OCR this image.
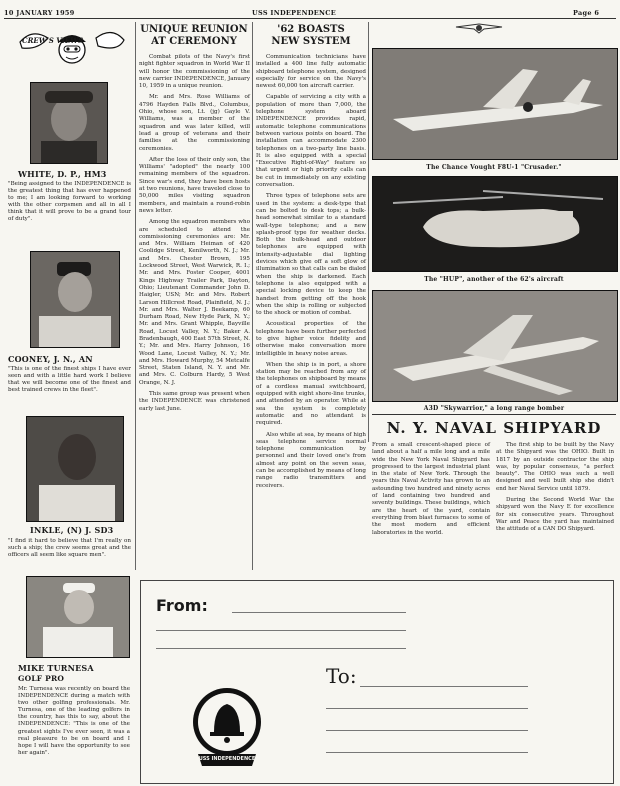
10 JANUARY 1959	USS INDEPENDENCE	Page 6
CREW'S VIEWS
WHITE, D. P., HM3
"Being assigned to the INDEPENDENCE is the greatest thing that has ever happened to me; I am looking forward to working with the other corpsmen and all in all I think that it will prove to be a grand tour of duty".
COONEY, J. N., AN
"This is one of the finest ships I have ever seen and with a little hard work I believe that we will become one of the finest and best trained crews in the fleet".
INKLE, (N) J. SD3
"I find it hard to believe that I'm really on such a ship; the crew seems great and the officers all seem like square men".
MIKE TURNESA
GOLF PRO
Mr. Turnesa was recently on board the INDEPENDENCE during a match with two other golfing professionals. Mr. Turnesa, one of the leading golfers in the country, has this to say, about the INDEPENDENCE: "This is one of the greatest sights I've ever seen, it was a real pleasure to be on board and I hope I will have the opportunity to see her again".
UNIQUE REUNION
AT CEREMONY

Combat pilots of the Navy's first night fighter squadron in World War II will honor the commissioning of the new carrier INDEPENDENCE, January 10, 1959 in a unique reunion.

Mr. and Mrs. Rose Williams of 4796 Hayden Falls Blvd., Columbus, Ohio, whose son, Lt. (jg) Gayle V. Williams, was a member of the squadron and was later killed, will lead a group of veterans and their families at the commissioning ceremonies.

After the loss of their only son, the Williams' "adopted" the nearly 100 remaining members of the squadron. Since war's end, they have been hosts at two reunions, have traveled close to 50,000 miles visiting squadron members, and maintain a round-robin news letter.

Among the squadron members who are scheduled to attend the commissioning ceremonies are: Mr. and Mrs. William Heiman of 420 Coolidge Street, Kenilworth, N. J.; Mr. and Mrs. Chester Brown, 195 Lockwood Street, West Warwick, R. I.; Mr. and Mrs. Foster Cooper, 4001 Kings Highway Trailer Park, Dayton, Ohio; Lieutenant Commander John D. Haigler, USN; Mr. and Mrs. Robert Larson Hillcrest Road, Plainfield, N. J.; Mr. and Mrs. Walter J. Beekamp, 60 Durham Road, New Hyde Park, N. Y.; Mr. and Mrs. Grant Whipple, Bayville Road, Locust Valley, N. Y.; Baker A. Bradenbaugh, 400 East 57th Street, N. Y.; Mr. and Mrs. Harry Johnson, 16 Wood Lane, Locust Valley, N. Y.; Mr. and Mrs. Howard Murphy, 54 Metcalfe Street, Staten Island, N. Y. and Mr. and Mrs. C. Colburn Hardy, 5 West Orange, N. J.

This same group was present when the INDEPENDENCE was christened early last June.

'62 BOASTS
NEW SYSTEM

Communication technicians have installed a 400 line fully automatic shipboard telephone system, designed especially for service on the Navy's newest 60,000 ton aircraft carrier.

Capable of servicing a city with a population of more than 7,000, the telephone system aboard INDEPENDENCE provides rapid, automatic telephone communications between various points on board. The installation can accommodate 2300 telephones on a two-party line basis. It is also equipped with a special "Executive Right-of-Way" feature so that urgent or high priority calls can be cut in immediately on any existing conversation.

Three types of telephone sets are used in the system: a desk-type that can be bolted to desk tops; a bulk-head somewhat similar to a standard wall-type telephone; and a new splash-proof type for weather decks. Both the bulk-head and outdoor telephones are equipped with intensity-adjustable dial lighting devices which give off a soft glow of illumination so that calls can be dialed when the ship is darkened. Each telephone is also equipped with a special locking device to keep the handset from getting off the hook when the ship is rolling or subjected to the shock or motion of combat.

Acoustical properties of the telephone have been further perfected to give higher voice fidelity and otherwise make conversation more intelligible in heavy noise areas.

When the ship is in port, a shore station may be reached from any of the telephones on shipboard by means of a cordless manual switchboard, equipped with eight shore-line trunks, and attended by an operator. While at sea the system is completely automatic and no attendant is required.

Also while at sea, by means of high seas telephone service normal telephone communication by personnel and their loved one's from almost any point on the seven seas, can be accomplished by means of long range radio transmitters and receivers.

The Chance Vought F8U-1 "Crusader."
The "HUP", another of the 62's aircraft
A3D "Skywarrior," a long range bomber
N. Y. NAVAL SHIPYARD
From a small crescent-shaped piece of land about a half a mile long and a mile wide the New York Naval Shipyard has progressed to the largest industrial plant in the state of New York. Through the years this Naval Activity has grown to an astounding two hundred and ninety acres of land containing two hundred and seventy buildings. These buildings, which are the heart of the yard, contain everything from blast furnaces to some of the most modern and efficient laboratories in the world.

The first ship to be built by the Navy at the Shipyard was the OHIO. Built in 1817 by an outside contractor the ship was, by popular consensus, "a perfect beauty". The OHIO was such a well designed and well built ship she didn't end her Naval Service until 1879.

During the Second World War the shipyard won the Navy E for excellence for six consecutive years. Throughout War and Peace the yard has maintained the attitude of a CAN DO Shipyard.

From:
To:
USS INDEPENDENCE
